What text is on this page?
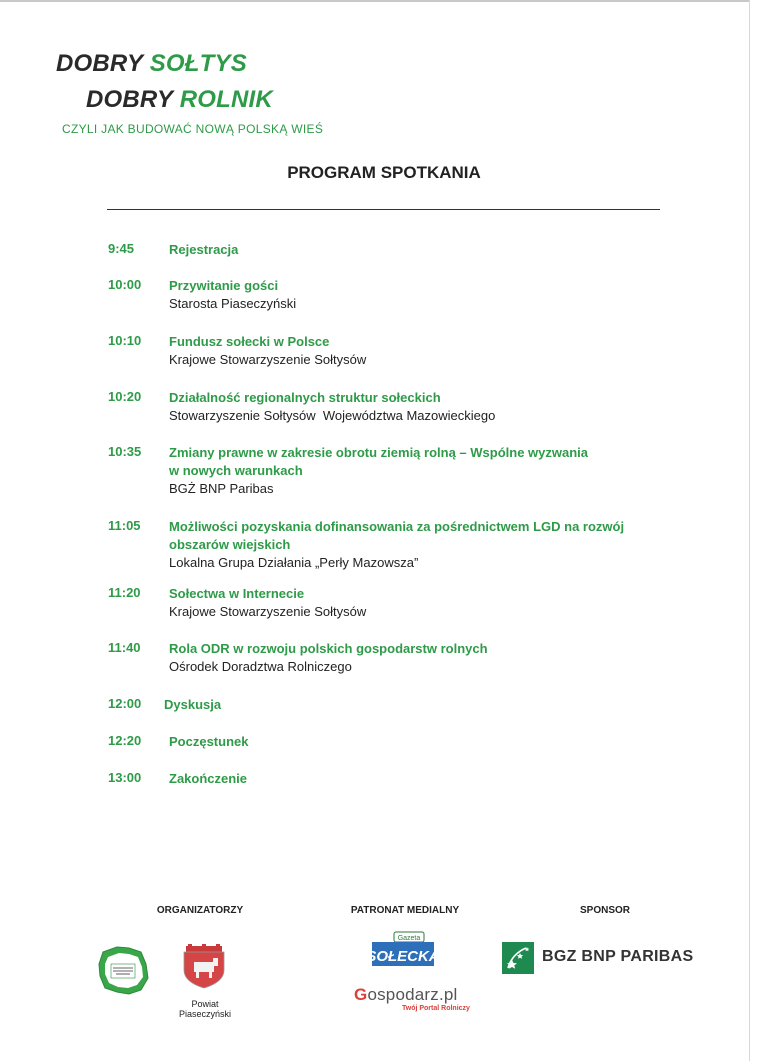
DOBRY SOŁTYS
DOBRY ROLNIK
CZYLI JAK BUDOWAĆ NOWĄ POLSKĄ WIEŚ
PROGRAM SPOTKANIA
9:45	Rejestracja
10:00 Przywitanie gości
Starosta Piaseczyński
10:10 Fundusz sołecki w Polsce
Krajowe Stowarzyszenie Sołtysów
10:20 Działalność regionalnych struktur sołeckich
Stowarzyszenie Sołtysów  Województwa Mazowieckiego
10:35 Zmiany prawne w zakresie obrotu ziemią rolną – Wspólne wyzwania
w nowych warunkach
BGŻ BNP Paribas
11:05 Możliwości pozyskania dofinansowania za pośrednictwem LGD na rozwój
obszarów wiejskich
Lokalna Grupa Działania „Perły Mazowsza”
11:20 Sołectwa w Internecie
Krajowe Stowarzyszenie Sołtysów
11:40 Rola ODR w rozwoju polskich gospodarstw rolnych
Ośrodek Doradztwa Rolniczego
12:00 Dyskusja
12:20 Poczęstunek
13:00 Zakończenie
ORGANIZATORZY	PATRONAT MEDIALNY	SPONSOR
Powiat
Piaseczyński
Gazeta
SOŁECKA
Gospodarz.pl
Twój Portal Rolniczy
BGZ BNP PARIBAS
